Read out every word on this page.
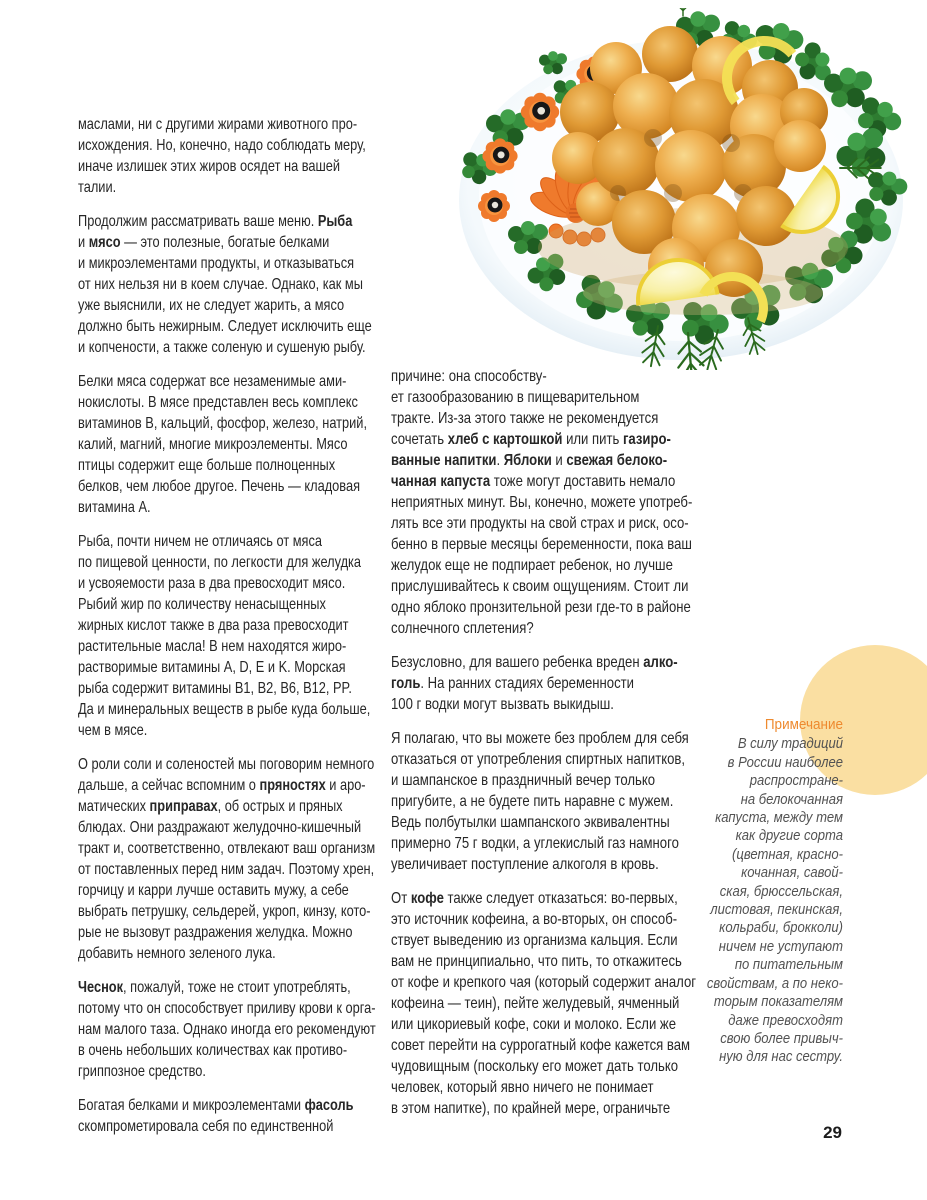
маслами, ни с другими жирами животного про-
исхождения. Но, конечно, надо соблюдать меру,
иначе излишек этих жиров осядет на вашей
талии.

Продолжим рассматривать ваше меню. Рыба
и мясо — это полезные, богатые белками
и микроэлементами продукты, и отказываться
от них нельзя ни в коем случае. Однако, как мы
уже выяснили, их не следует жарить, а мясо
должно быть нежирным. Следует исключить еще
и копчености, а также соленую и сушеную рыбу.

Белки мяса содержат все незаменимые ами-
нокислоты. В мясе представлен весь комплекс
витаминов B, кальций, фосфор, железо, натрий,
калий, магний, многие микроэлементы. Мясо
птицы содержит еще больше полноценных
белков, чем любое другое. Печень — кладовая
витамина A.

Рыба, почти ничем не отличаясь от мяса
по пищевой ценности, по легкости для желудка
и усвояемости раза в два превосходит мясо.
Рыбий жир по количеству ненасыщенных
жирных кислот также в два раза превосходит
растительные масла! В нем находятся жиро-
растворимые витамины A, D, E и K. Морская
рыба содержит витамины B1, B2, B6, B12, PP.
Да и минеральных веществ в рыбе куда больше,
чем в мясе.

О роли соли и соленостей мы поговорим немного
дальше, а сейчас вспомним о пряностях и аро-
матических приправах, об острых и пряных
блюдах. Они раздражают желудочно-кишечный
тракт и, соответственно, отвлекают ваш организм
от поставленных перед ним задач. Поэтому хрен,
горчицу и карри лучше оставить мужу, а себе
выбрать петрушку, сельдерей, укроп, кинзу, кото-
рые не вызовут раздражения желудка. Можно
добавить немного зеленого лука.

Чеснок, пожалуй, тоже не стоит употреблять,
потому что он способствует приливу крови к орга-
нам малого таза. Однако иногда его рекомендуют
в очень небольших количествах как противо-
гриппозное средство.

Богатая белками и микроэлементами фасоль
скомпрометировала себя по единственной

причине: она способству-
ет газообразованию в пищеварительном
тракте. Из-за этого также не рекомендуется
сочетать хлеб с картошкой или пить газиро-
ванные напитки. Яблоки и свежая белоко-
чанная капуста тоже могут доставить немало
неприятных минут. Вы, конечно, можете употреб-
лять все эти продукты на свой страх и риск, осо-
бенно в первые месяцы беременности, пока ваш
желудок еще не подпирает ребенок, но лучше
прислушивайтесь к своим ощущениям. Стоит ли
одно яблоко пронзительной рези где-то в районе
солнечного сплетения?

Безусловно, для вашего ребенка вреден алко-
голь. На ранних стадиях беременности
100 г водки могут вызвать выкидыш.

Я полагаю, что вы можете без проблем для себя
отказаться от употребления спиртных напитков,
и шампанское в праздничный вечер только
пригубите, а не будете пить наравне с мужем.
Ведь полбутылки шампанского эквивалентны
примерно 75 г водки, а углекислый газ намного
увеличивает поступление алкоголя в кровь.

От кофе также следует отказаться: во-первых,
это источник кофеина, а во-вторых, он способ-
ствует выведению из организма кальция. Если
вам не принципиально, что пить, то откажитесь
от кофе и крепкого чая (который содержит аналог
кофеина — теин), пейте желудевый, ячменный
или цикориевый кофе, соки и молоко. Если же
совет перейти на суррогатный кофе кажется вам
чудовищным (поскольку его может дать только
человек, который явно ничего не понимает
в этом напитке), по крайней мере, ограничьте

Примечание
В силу традиций
в России наиболее
распростране-
на белокочанная
капуста, между тем
как другие сорта
(цветная, красно-
кочанная, савой-
ская, брюссельская,
листовая, пекинская,
кольраби, брокколи)
ничем не уступают
по питательным
свойствам, а по неко-
торым показателям
даже превосходят
свою более привыч-
ную для нас сестру.
29
